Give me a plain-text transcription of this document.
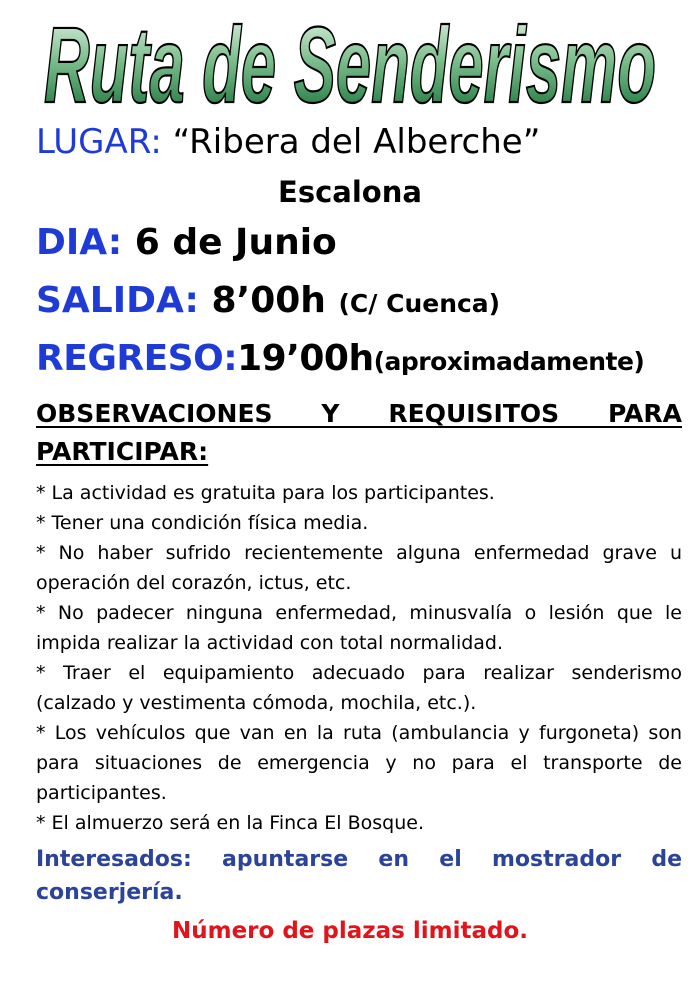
Ruta de Senderismo
LUGAR: “Ribera del Alberche”
Escalona
DIA: 6 de Junio
SALIDA: 8’00h (C/ Cuenca)
REGRESO:19’00h(aproximadamente)
OBSERVACIONES Y REQUISITOS PARA PARTICIPAR:
* La actividad es gratuita para los participantes.
* Tener una condición física media.
* No haber sufrido recientemente alguna enfermedad grave u operación del corazón, ictus, etc.
* No padecer ninguna enfermedad, minusvalía o lesión que le impida realizar la actividad con total normalidad.
* Traer el equipamiento adecuado para realizar senderismo (calzado y vestimenta cómoda, mochila, etc.).
* Los vehículos que van en la ruta (ambulancia y furgoneta) son para situaciones de emergencia y no para el transporte de participantes.
* El almuerzo será en la Finca El Bosque.
Interesados: apuntarse en el mostrador de conserjería.
Número de plazas limitado.
